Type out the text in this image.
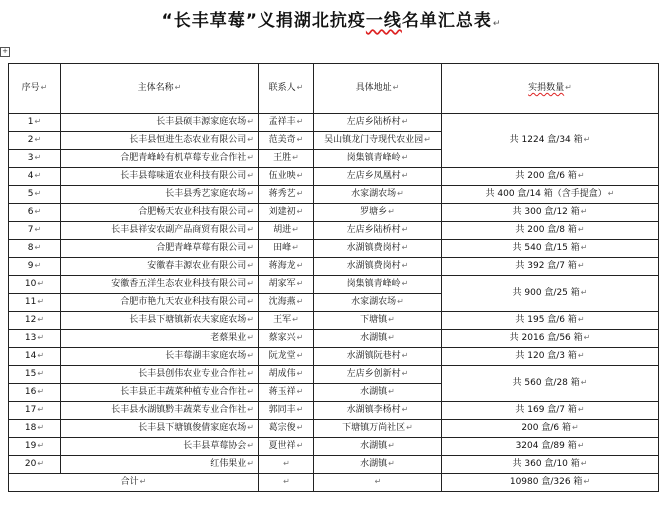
“长丰草莓”义捐湖北抗疫一线名单汇总表↵
+
序号↵	主体名称↵	联系人↵	具体地址↵	实捐数量↵
1↵	长丰县硕丰源家庭农场↵	孟祥丰↵	左店乡陆桥村↵	共 1224 盒/34 箱↵
2↵	长丰县恒进生态农业有限公司↵	范美奇↵	吴山镇龙门寺现代农业园↵	
3↵	合肥青峰岭有机草莓专业合作社↵	王胜↵	岗集镇青峰岭↵	
4↵	长丰县莓味道农业科技有限公司↵	伍业映↵	左店乡凤凰村↵	共 200 盒/6 箱↵
5↵	长丰县秀艺家庭农场↵	蒋秀艺↵	水家湖农场↵	共 400 盒/14 箱（含手提盒）↵
6↵	合肥畅天农业科技有限公司↵	刘建初↵	罗塘乡↵	共 300 盒/12 箱↵
7↵	长丰县祥安农副产品商贸有限公司↵	胡进↵	左店乡陆桥村↵	共 200 盒/8 箱↵
8↵	合肥青峰草莓有限公司↵	田峰↵	水湖镇费岗村↵	共 540 盒/15 箱↵
9↵	安徽春丰源农业有限公司↵	蒋海龙↵	水湖镇费岗村↵	共 392 盒/7 箱↵
10↵	安徽香五洋生态农业科技有限公司↵	胡家军↵	岗集镇青峰岭↵	共 900 盒/25 箱↵
11↵	合肥市艳九天农业科技有限公司↵	沈海燕↵	水家湖农场↵	
12↵	长丰县下塘镇新农夫家庭农场↵	王军↵	下塘镇↵	共 195 盒/6 箱↵
13↵	老蔡果业↵	蔡家兴↵	水湖镇↵	共 2016 盒/56 箱↵
14↵	长丰莓湖丰家庭农场↵	阮龙堂↵	水湖镇阮巷村↵	共 120 盒/3 箱↵
15↵	长丰县创伟农业专业合作社↵	胡成伟↵	左店乡创新村↵	共 560 盒/28 箱↵
16↵	长丰县正丰蔬菜种植专业合作社↵	蒋玉祥↵	水湖镇↵	
17↵	长丰县水湖镇黔丰蔬菜专业合作社↵	郭同丰↵	水湖镇李杨村↵	共 169 盒/7 箱↵
18↵	长丰县下塘镇俊倩家庭农场↵	葛宗俊↵	下塘镇万尚社区↵	200 盒/6 箱↵
19↵	长丰县草莓协会↵	夏世祥↵	水湖镇↵	3204 盒/89 箱↵
20↵	红伟果业↵	↵	水湖镇↵	共 360 盒/10 箱↵
合计↵		↵	↵	10980 盒/326 箱↵
